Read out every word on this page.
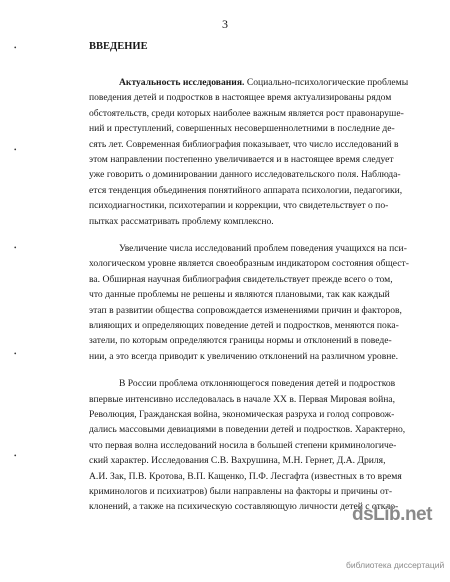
3
ВВЕДЕНИЕ
Актуальность исследования. Социально-психологические проблемы
поведения детей и подростков в настоящее время актуализированы рядом
обстоятельств, среди которых наиболее важным является рост правонаруше-
ний и преступлений, совершенных несовершеннолетними в последние де-
сять лет. Современная библиография показывает, что число исследований в
этом направлении постепенно увеличивается и в настоящее время следует
уже говорить о доминировании данного исследовательского поля. Наблюда-
ется тенденция объединения понятийного аппарата психологии, педагогики,
психодиагностики, психотерапии и коррекции, что свидетельствует о по-
пытках рассматривать проблему комплексно.
Увеличение числа исследований проблем поведения учащихся на пси-
хологическом уровне является своеобразным индикатором состояния общест-
ва. Обширная научная библиография свидетельствует прежде всего о том,
что данные проблемы не решены и являются плановыми, так как каждый
этап в развитии общества сопровождается изменениями причин и факторов,
влияющих и определяющих поведение детей и подростков, меняются пока-
затели, по которым определяются границы нормы и отклонений в поведе-
нии, а это всегда приводит к увеличению отклонений на различном уровне.
В России проблема отклоняющегося поведения детей и подростков
впервые интенсивно исследовалась в начале XX в. Первая Мировая война,
Революция, Гражданская война, экономическая разруха и голод сопровож-
дались массовыми девиациями в поведении детей и подростков. Характерно,
что первая волна исследований носила в большей степени криминологиче-
ский характер. Исследования С.В. Вахрушина, М.Н. Гернет, Д.А. Дриля,
А.И. Зак, П.В. Кротова, В.П. Кащенко, П.Ф. Лесгафта (известных в то время
криминологов и психиатров) были направлены на факторы и причины от-
клонений, а также на психическую составляющую личности детей с откло-
•
•
•
•
•
dsLib.net
библиотека диссертаций
